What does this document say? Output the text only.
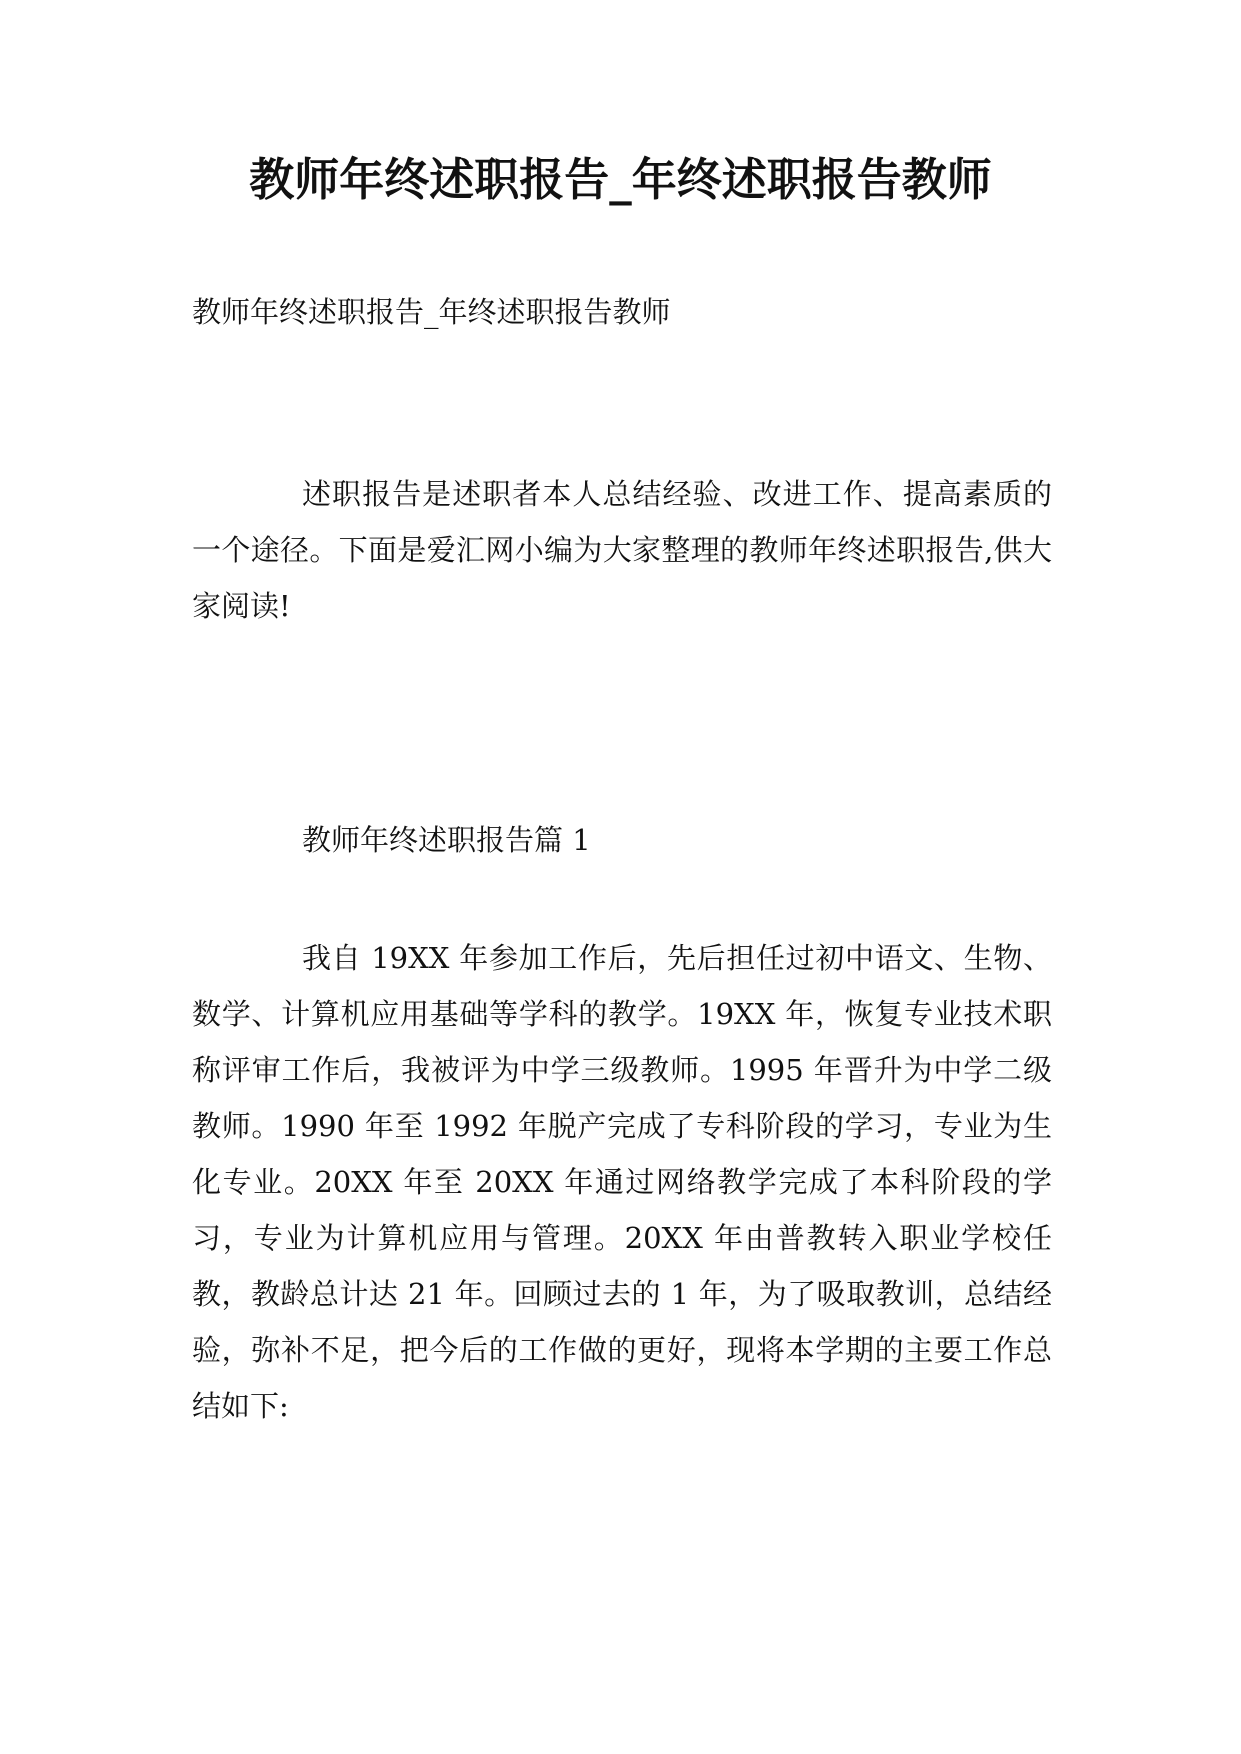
教师年终述职报告_年终述职报告教师

教师年终述职报告_年终述职报告教师

述职报告是述职者本人总结经验、改进工作、提高素质的一个途径。下面是爱汇网小编为大家整理的教师年终述职报告,供大家阅读!

教师年终述职报告篇 1

我自 19XX 年参加工作后，先后担任过初中语文、生物、数学、计算机应用基础等学科的教学。19XX 年，恢复专业技术职称评审工作后，我被评为中学三级教师。1995 年晋升为中学二级教师。1990 年至 1992 年脱产完成了专科阶段的学习，专业为生化专业。20XX 年至 20XX 年通过网络教学完成了本科阶段的学习，专业为计算机应用与管理。20XX 年由普教转入职业学校任教，教龄总计达 21 年。回顾过去的 1 年，为了吸取教训，总结经验，弥补不足，把今后的工作做的更好，现将本学期的主要工作总结如下:
